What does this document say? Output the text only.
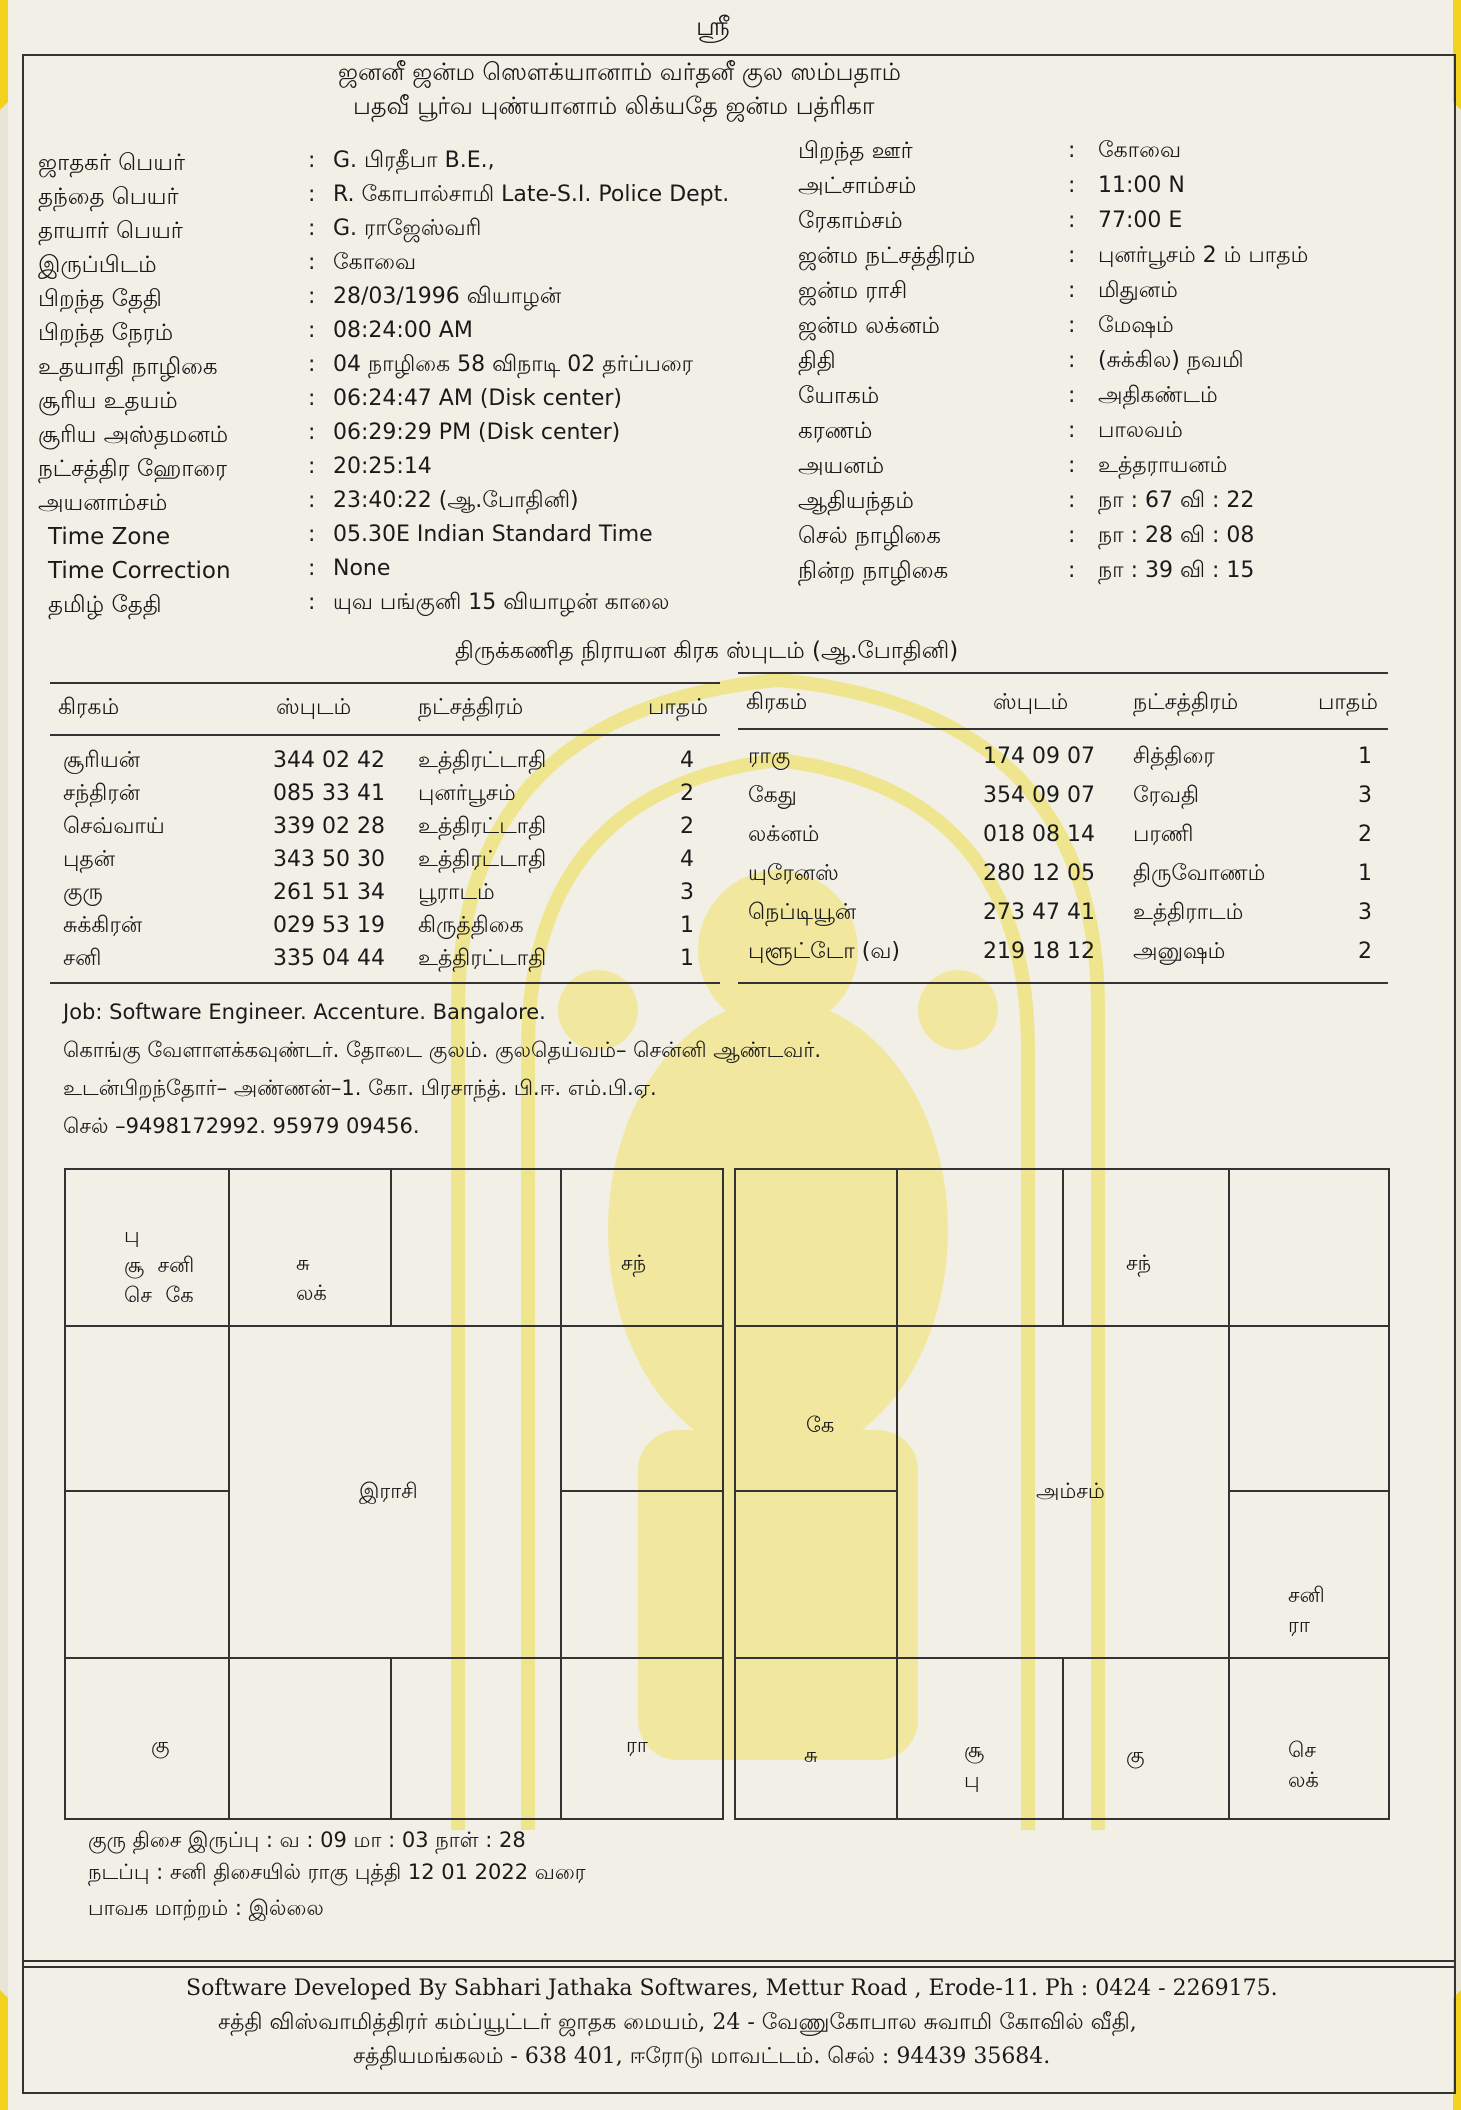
ஸ்ரீ
ஜனனீ ஜன்ம ஸௌக்யானாம் வர்தனீ குல ஸம்பதாம்
பதவீ பூர்வ புண்யானாம் லிக்யதே ஜன்ம பத்ரிகா
ஜாதகர் பெயர்	: G. பிரதீபா B.E.,
தந்தை பெயர்	: R. கோபால்சாமி Late-S.I. Police Dept.
தாயார் பெயர்	: G. ராஜேஸ்வரி
இருப்பிடம்	: கோவை
பிறந்த தேதி	: 28/03/1996 வியாழன்
பிறந்த நேரம்	: 08:24:00 AM
உதயாதி நாழிகை	: 04 நாழிகை 58 விநாடி 02 தர்ப்பரை
சூரிய உதயம்	: 06:24:47 AM (Disk center)
சூரிய அஸ்தமனம்	: 06:29:29 PM (Disk center)
நட்சத்திர ஹோரை	: 20:25:14
அயனாம்சம்	: 23:40:22 (ஆ.போதினி)
Time Zone	: 05.30E Indian Standard Time
Time Correction	: None
தமிழ் தேதி	: யுவ பங்குனி 15 வியாழன் காலை
பிறந்த ஊர்	: கோவை
அட்சாம்சம்	: 11:00 N
ரேகாம்சம்	: 77:00 E
ஜன்ம நட்சத்திரம்	: புனர்பூசம் 2 ம் பாதம்
ஜன்ம ராசி	: மிதுனம்
ஜன்ம லக்னம்	: மேஷம்
திதி	: (சுக்கில) நவமி
யோகம்	: அதிகண்டம்
கரணம்	: பாலவம்
அயனம்	: உத்தராயனம்
ஆதியந்தம்	: நா : 67 வி : 22
செல் நாழிகை	: நா : 28 வி : 08
நின்ற நாழிகை	: நா : 39 வி : 15
திருக்கணித நிராயன கிரக ஸ்புடம் (ஆ.போதினி)
கிரகம்	ஸ்புடம்	நட்சத்திரம்	பாதம்
சூரியன்	344 02 42 உத்திரட்டாதி	4
சந்திரன்	085 33 41 புனர்பூசம்	2
செவ்வாய்	339 02 28 உத்திரட்டாதி	2
புதன்	343 50 30 உத்திரட்டாதி	4
குரு	261 51 34 பூராடம்	3
சுக்கிரன்	029 53 19 கிருத்திகை	1
சனி	335 04 44 உத்திரட்டாதி	1
கிரகம்	ஸ்புடம்	நட்சத்திரம்	பாதம்
ராகு	174 09 07 சித்திரை	1
கேது	354 09 07 ரேவதி	3
லக்னம்	018 08 14 பரணி	2
யுரேனஸ்	280 12 05 திருவோணம்	1
நெப்டியூன்	273 47 41 உத்திராடம்	3
புளூட்டோ (வ)	219 18 12 அனுஷம்	2
Job: Software Engineer. Accenture. Bangalore.
கொங்கு வேளாளக்கவுண்டர். தோடை குலம். குலதெய்வம்– சென்னி ஆண்டவர்.
உடன்பிறந்தோர்– அண்ணன்–1. கோ. பிரசாந்த். பி.ஈ. எம்.பி.ஏ.
செல் –9498172992. 95979 09456.
பு
சூ  சனி
செ  கே
சு
லக்
சந்
இராசி
கு	ரா
கே
சந்
அம்சம்
சனி
ரா
செ
லக்
கு
சூ
பு
சு
குரு திசை இருப்பு : வ : 09 மா : 03 நாள் : 28
நடப்பு : சனி திசையில் ராகு புத்தி 12 01 2022 வரை
பாவக மாற்றம் : இல்லை
Software Developed By Sabhari Jathaka Softwares, Mettur Road , Erode-11. Ph : 0424 - 2269175.
சத்தி விஸ்வாமித்திரர் கம்ப்யூட்டர் ஜாதக மையம், 24 - வேணுகோபால சுவாமி கோவில் வீதி,
சத்தியமங்கலம் - 638 401, ஈரோடு மாவட்டம். செல் : 94439 35684.
